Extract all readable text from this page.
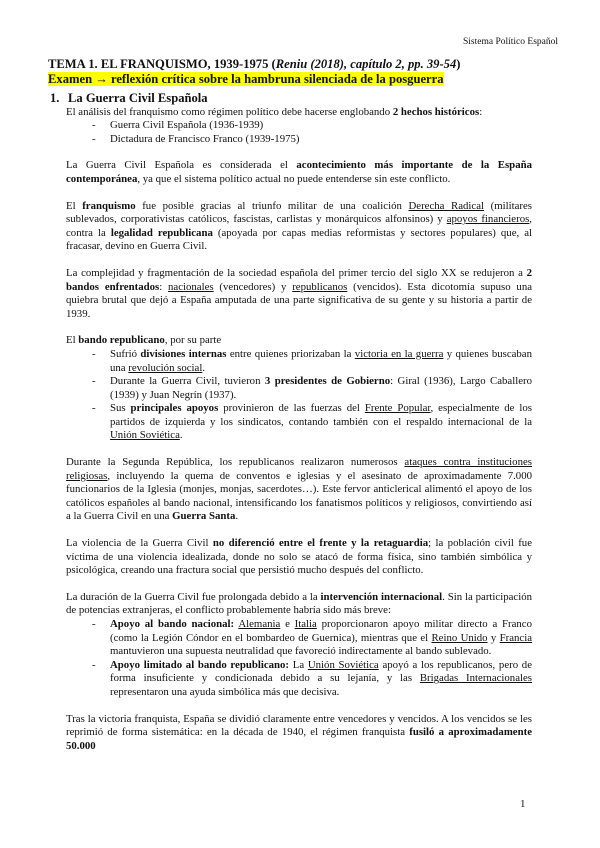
Sistema Político Español
TEMA 1. EL FRANQUISMO, 1939-1975 (Reniu (2018), capítulo 2, pp. 39-54)
Examen → reflexión crítica sobre la hambruna silenciada de la posguerra
1. La Guerra Civil Española

El análisis del franquismo como régimen político debe hacerse englobando 2 hechos históricos:

- Guerra Civil Española (1936-1939)
- Dictadura de Francisco Franco (1939-1975)

La Guerra Civil Española es considerada el acontecimiento más importante de la España contemporánea, ya que el sistema político actual no puede entenderse sin este conflicto.

El franquismo fue posible gracias al triunfo militar de una coalición Derecha Radical (militares sublevados, corporativistas católicos, fascistas, carlistas y monárquicos alfonsinos) y apoyos financieros, contra la legalidad republicana (apoyada por capas medias reformistas y sectores populares) que, al fracasar, devino en Guerra Civil.

La complejidad y fragmentación de la sociedad española del primer tercio del siglo XX se redujeron a 2 bandos enfrentados: nacionales (vencedores) y republicanos (vencidos). Esta dicotomía supuso una quiebra brutal que dejó a España amputada de una parte significativa de su gente y su historia a partir de 1939.

El bando republicano, por su parte

- Sufrió divisiones internas entre quienes priorizaban la victoria en la guerra y quienes buscaban una revolución social.
- Durante la Guerra Civil, tuvieron 3 presidentes de Gobierno: Giral (1936), Largo Caballero (1939) y Juan Negrín (1937).
- Sus principales apoyos provinieron de las fuerzas del Frente Popular, especialmente de los partidos de izquierda y los sindicatos, contando también con el respaldo internacional de la Unión Soviética.

Durante la Segunda República, los republicanos realizaron numerosos ataques contra instituciones religiosas, incluyendo la quema de conventos e iglesias y el asesinato de aproximadamente 7.000 funcionarios de la Iglesia (monjes, monjas, sacerdotes…). Este fervor anticlerical alimentó el apoyo de los católicos españoles al bando nacional, intensificando los fanatismos políticos y religiosos, convirtiendo así a la Guerra Civil en una Guerra Santa.

La violencia de la Guerra Civil no diferenció entre el frente y la retaguardia; la población civil fue víctima de una violencia idealizada, donde no solo se atacó de forma física, sino también simbólica y psicológica, creando una fractura social que persistió mucho después del conflicto.

La duración de la Guerra Civil fue prolongada debido a la intervención internacional. Sin la participación de potencias extranjeras, el conflicto probablemente habría sido más breve:

- Apoyo al bando nacional: Alemania e Italia proporcionaron apoyo militar directo a Franco (como la Legión Cóndor en el bombardeo de Guernica), mientras que el Reino Unido y Francia mantuvieron una supuesta neutralidad que favoreció indirectamente al bando sublevado.
- Apoyo limitado al bando republicano: La Unión Soviética apoyó a los republicanos, pero de forma insuficiente y condicionada debido a su lejanía, y las Brigadas Internacionales representaron una ayuda simbólica más que decisiva.

Tras la victoria franquista, España se dividió claramente entre vencedores y vencidos. A los vencidos se les reprimió de forma sistemática: en la década de 1940, el régimen franquista fusiló a aproximadamente 50.000

1
